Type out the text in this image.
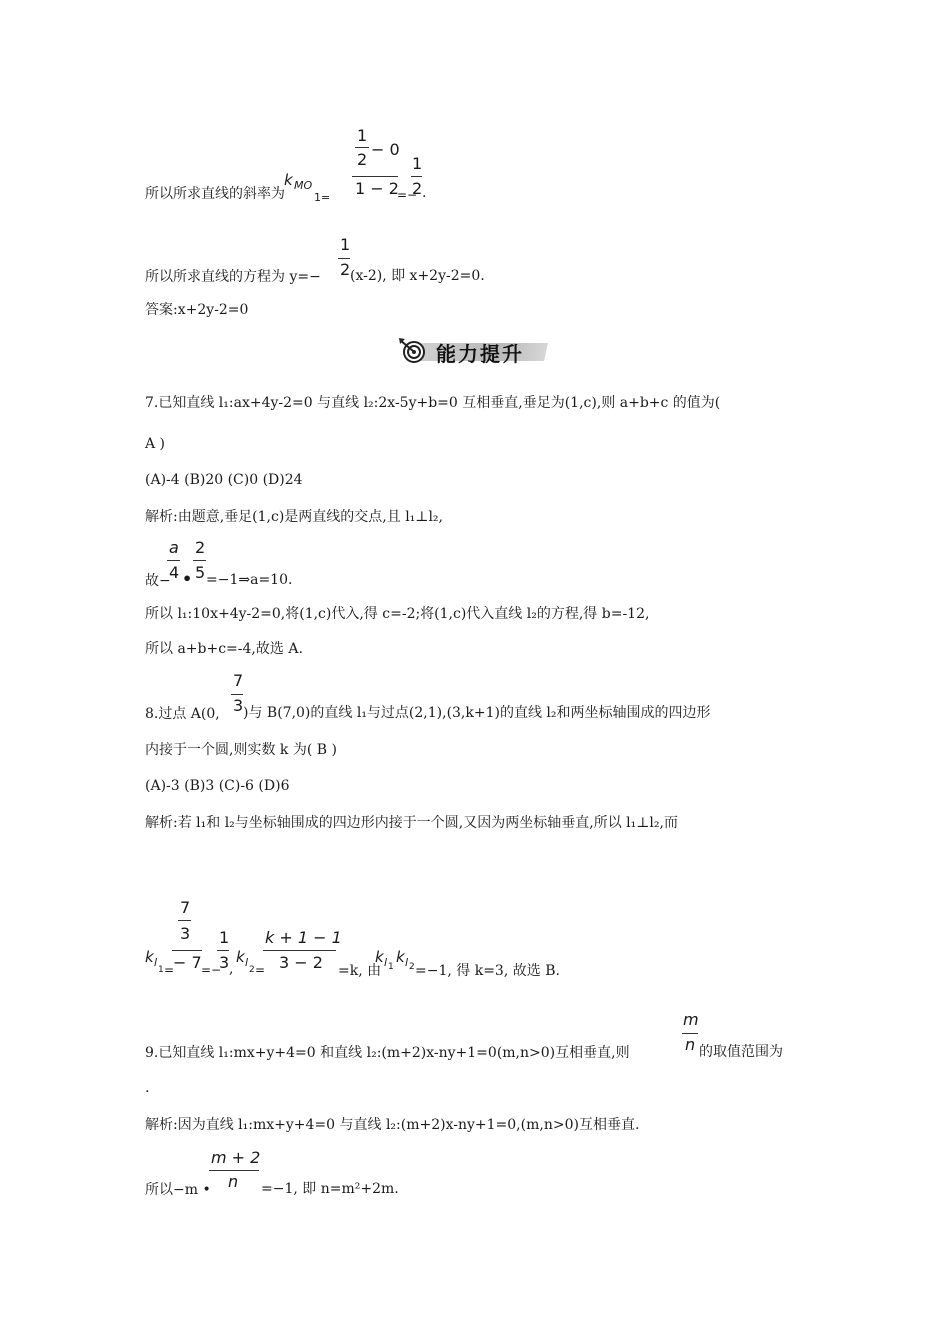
所以所求直线的斜率为
k MO
1=
1
2
− 0
1 − 2
=−
1
2 .
所以所求直线的方程为 y=−
1
2 (x-2), 即 x+2y-2=0.
答案:x+2y-2=0
能力提升
7.已知直线 l₁:ax+4y-2=0 与直线 l₂:2x-5y+b=0 互相垂直,垂足为(1,c),则 a+b+c 的值为(
A )
(A)-4 (B)20 (C)0 (D)24
解析:由题意,垂足(1,c)是两直线的交点,且 l₁⊥l₂,
故−
a
4 •
2
5 =−1⇒a=10.
所以 l₁:10x+4y-2=0,将(1,c)代入,得 c=-2;将(1,c)代入直线 l₂的方程,得 b=-12,
所以 a+b+c=-4,故选 A.
8.过点 A(0,
7
3 )与 B(7,0)的直线 l₁与过点(2,1),(3,k+1)的直线 l₂和两坐标轴围成的四边形
内接于一个圆,则实数 k 为( B )
(A)-3 (B)3 (C)-6 (D)6
解析:若 l₁和 l₂与坐标轴围成的四边形内接于一个圆,又因为两坐标轴垂直,所以 l₁⊥l₂,而
k l
1 =
7
3
− 7 =−
1
3 ,
k l
2 =
k + 1 − 1
3 − 2 =k, 由
k l 1
k l 2 =−1, 得 k=3, 故选 B.
9.已知直线 l₁:mx+y+4=0 和直线 l₂:(m+2)x-ny+1=0(m,n>0)互相垂直,则
m
n 的取值范围为
.
解析:因为直线 l₁:mx+y+4=0 与直线 l₂:(m+2)x-ny+1=0,(m,n>0)互相垂直.
所以−m •
m + 2
n =−1, 即 n=m²+2m.
